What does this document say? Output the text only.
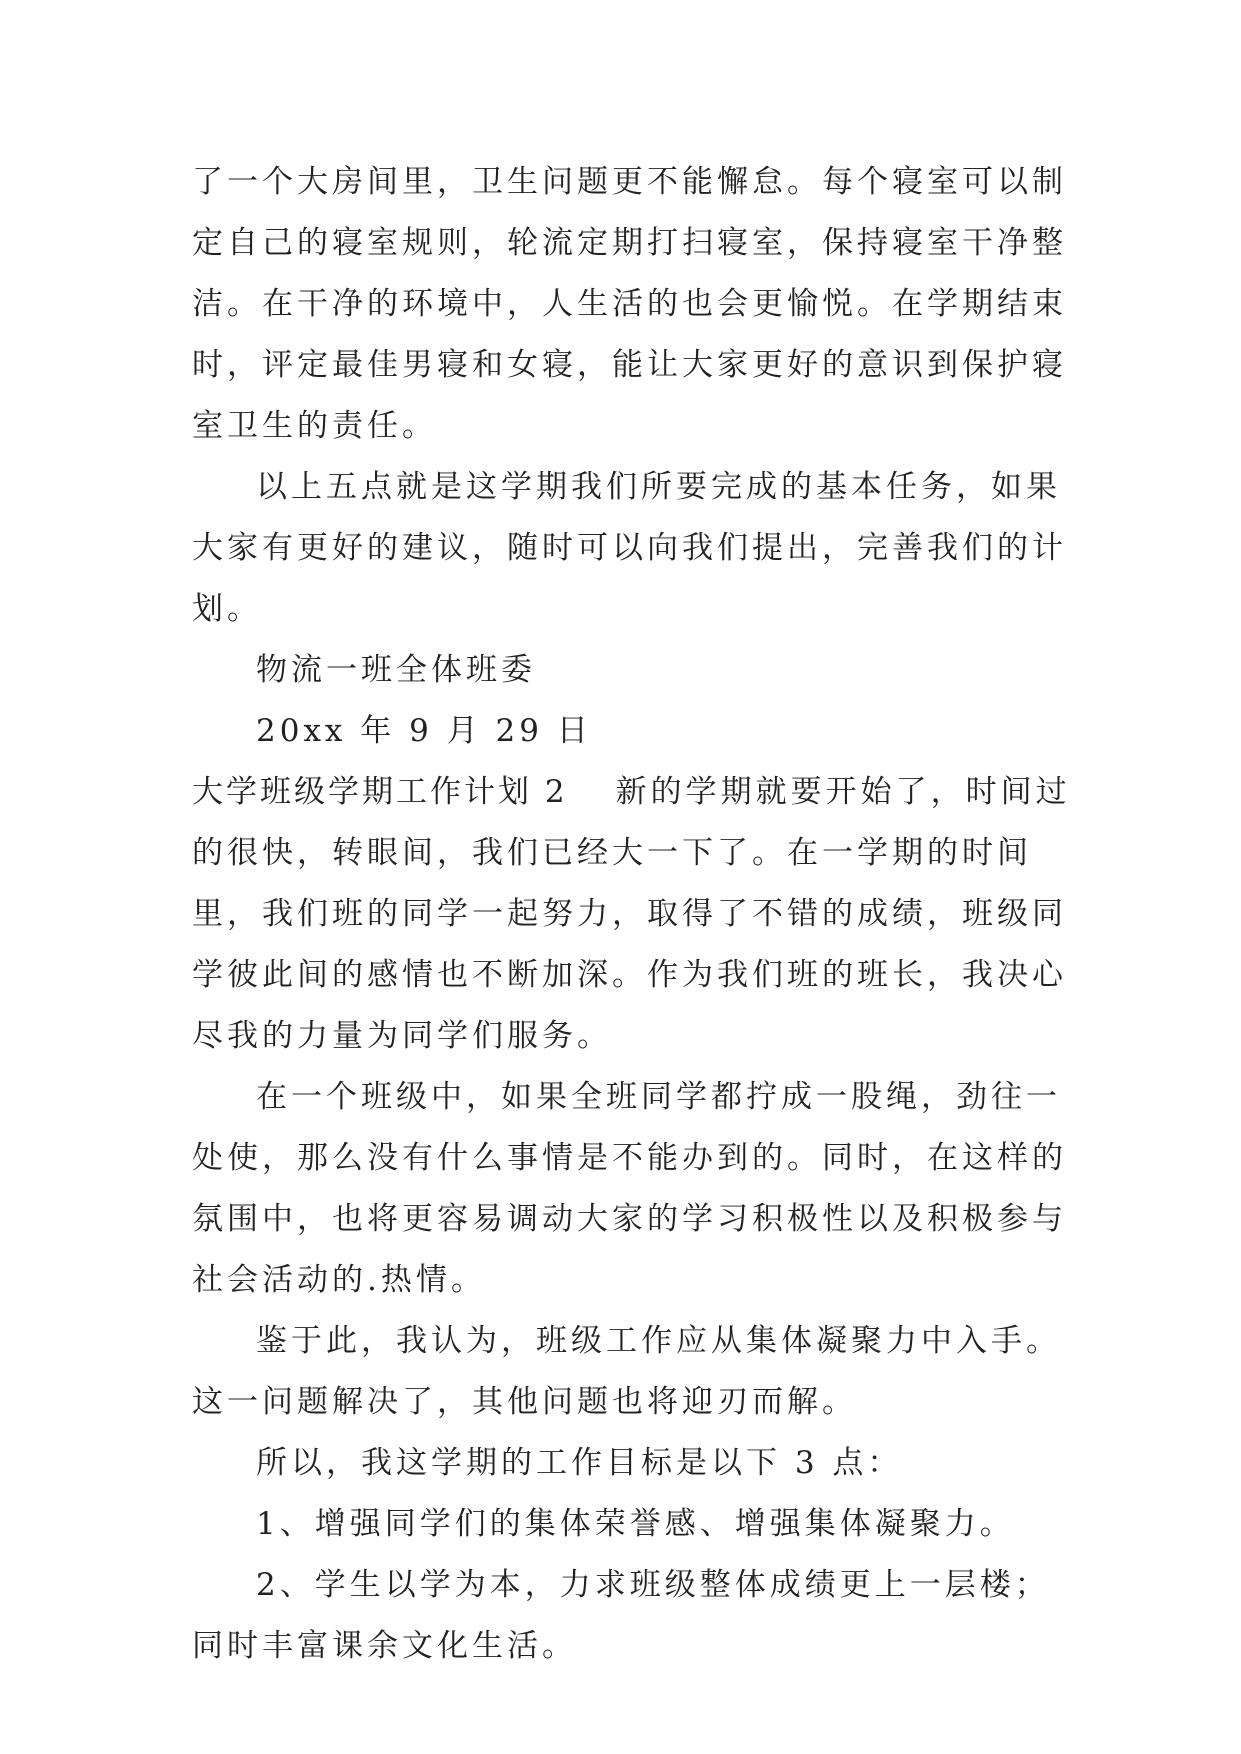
了一个大房间里，卫生问题更不能懈怠。每个寝室可以制定自己的寝室规则，轮流定期打扫寝室，保持寝室干净整洁。在干净的环境中，人生活的也会更愉悦。在学期结束时，评定最佳男寝和女寝，能让大家更好的意识到保护寝室卫生的责任。

以上五点就是这学期我们所要完成的基本任务，如果大家有更好的建议，随时可以向我们提出，完善我们的计划。

物流一班全体班委

20xx 年 9 月 29 日

大学班级学期工作计划 2 新的学期就要开始了，时间过的很快，转眼间，我们已经大一下了。在一学期的时间里，我们班的同学一起努力，取得了不错的成绩，班级同学彼此间的感情也不断加深。作为我们班的班长，我决心尽我的力量为同学们服务。

在一个班级中，如果全班同学都拧成一股绳，劲往一处使，那么没有什么事情是不能办到的。同时，在这样的氛围中，也将更容易调动大家的学习积极性以及积极参与社会活动的.热情。

鉴于此，我认为，班级工作应从集体凝聚力中入手。这一问题解决了，其他问题也将迎刃而解。

所以，我这学期的工作目标是以下 3 点：

1、增强同学们的集体荣誉感、增强集体凝聚力。

2、学生以学为本，力求班级整体成绩更上一层楼；同时丰富课余文化生活。
